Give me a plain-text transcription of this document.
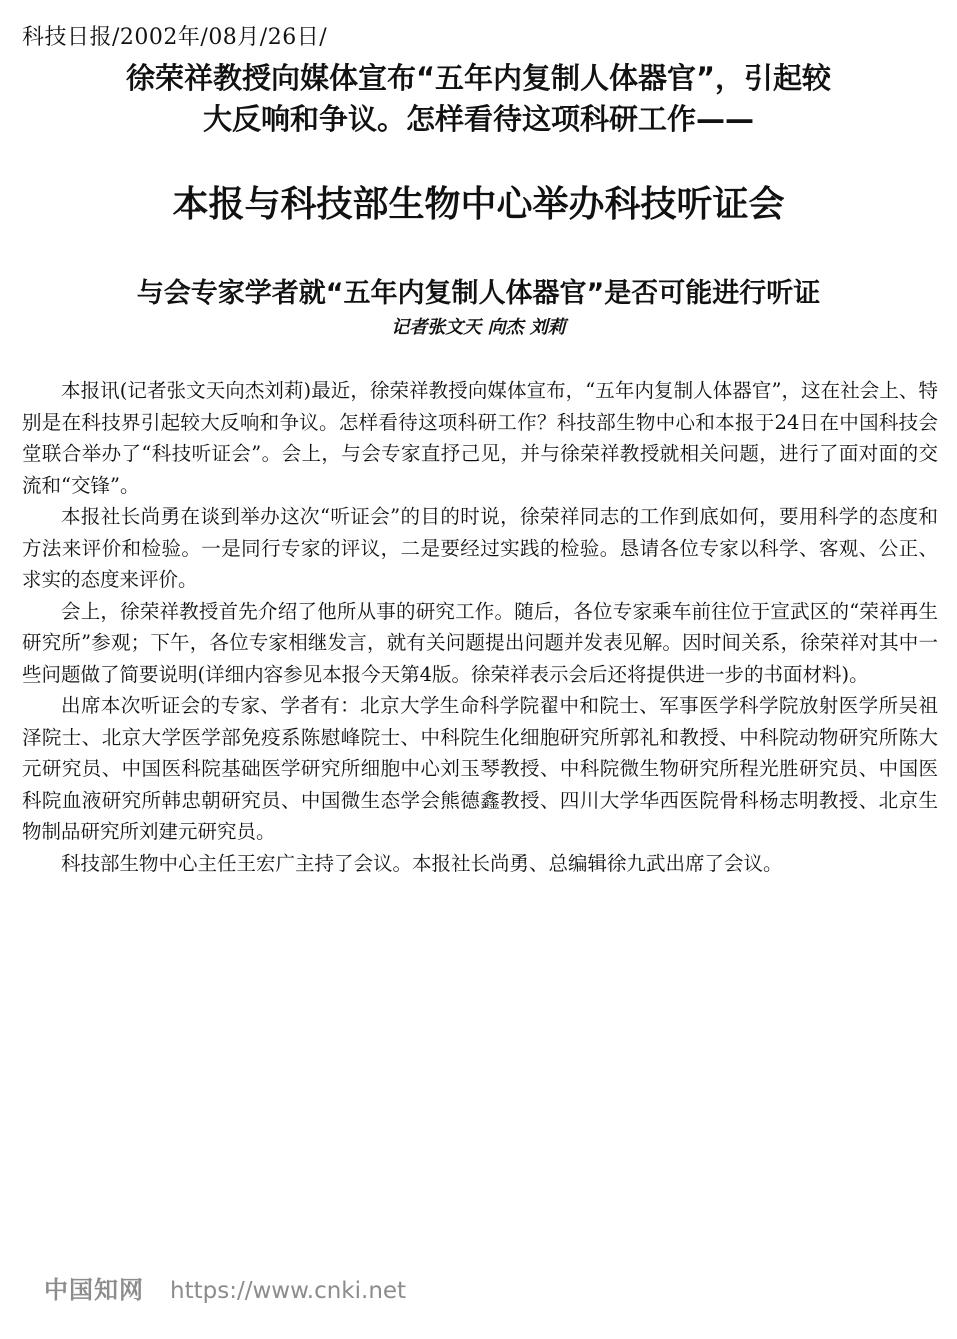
科技日报/2002年/08月/26日/
徐荣祥教授向媒体宣布“五年内复制人体器官”，引起较
大反响和争议。怎样看待这项科研工作——
本报与科技部生物中心举办科技听证会
与会专家学者就“五年内复制人体器官”是否可能进行听证
记者张文天 向杰 刘莉

本报讯(记者张文天向杰刘莉)最近，徐荣祥教授向媒体宣布，“五年内复制人体器官”，这在社会上、特别是在科技界引起较大反响和争议。怎样看待这项科研工作？科技部生物中心和本报于24日在中国科技会堂联合举办了“科技听证会”。会上，与会专家直抒己见，并与徐荣祥教授就相关问题，进行了面对面的交流和“交锋”。

本报社长尚勇在谈到举办这次“听证会”的目的时说，徐荣祥同志的工作到底如何，要用科学的态度和方法来评价和检验。一是同行专家的评议，二是要经过实践的检验。恳请各位专家以科学、客观、公正、求实的态度来评价。

会上，徐荣祥教授首先介绍了他所从事的研究工作。随后，各位专家乘车前往位于宣武区的“荣祥再生研究所”参观；下午，各位专家相继发言，就有关问题提出问题并发表见解。因时间关系，徐荣祥对其中一些问题做了简要说明(详细内容参见本报今天第4版。徐荣祥表示会后还将提供进一步的书面材料)。

出席本次听证会的专家、学者有：北京大学生命科学院翟中和院士、军事医学科学院放射医学所吴祖泽院士、北京大学医学部免疫系陈慰峰院士、中科院生化细胞研究所郭礼和教授、中科院动物研究所陈大元研究员、中国医科院基础医学研究所细胞中心刘玉琴教授、中科院微生物研究所程光胜研究员、中国医科院血液研究所韩忠朝研究员、中国微生态学会熊德鑫教授、四川大学华西医院骨科杨志明教授、北京生物制品研究所刘建元研究员。

科技部生物中心主任王宏广主持了会议。本报社长尚勇、总编辑徐九武出席了会议。

中国知网 https://www.cnki.net
